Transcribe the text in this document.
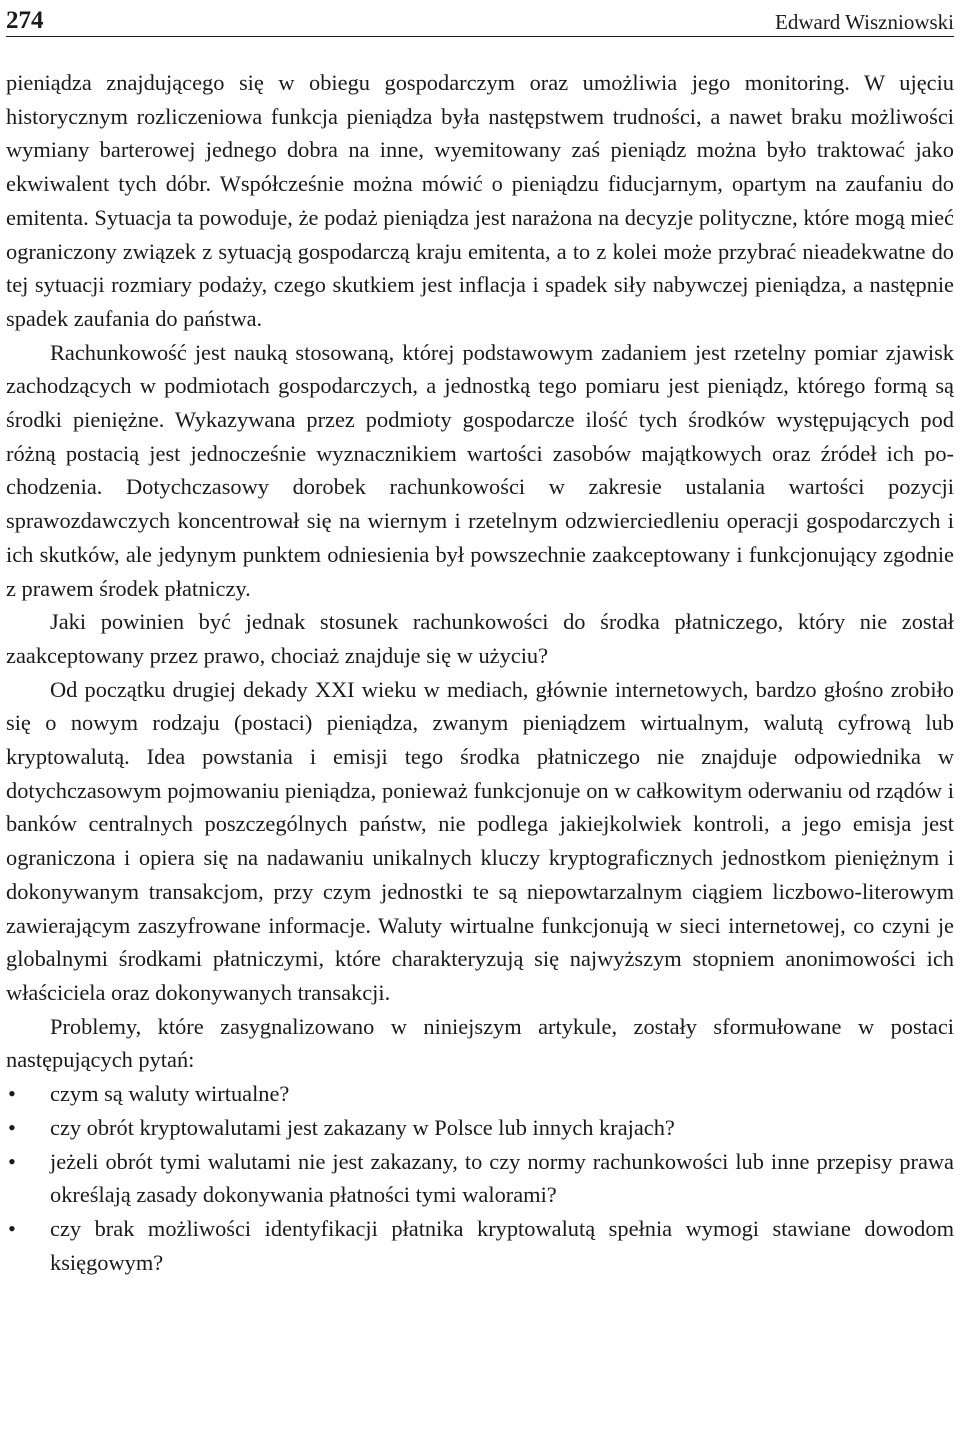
274	Edward Wiszniowski

pieniądza znajdującego się w obiegu gospodarczym oraz umożliwia jego monitoring. W ujęciu historycznym rozliczeniowa funkcja pieniądza była następstwem trudności, a nawet braku możliwości wymiany barterowej jednego dobra na inne, wyemitowany zaś pieniądz można było traktować jako ekwiwalent tych dóbr. Współcześnie można mówić o pieniądzu fiducjarnym, opartym na zaufaniu do emitenta. Sytuacja ta powoduje, że podaż pieniądza jest narażona na decyzje polityczne, które mogą mieć ograniczony związek z sytuacją gospodarczą kraju emitenta, a to z kolei może przybrać nieadekwatne do tej sytuacji rozmiary podaży, czego skutkiem jest inflacja i spadek siły nabywczej pieniądza, a następnie spadek zaufania do państwa.

Rachunkowość jest nauką stosowaną, której podstawowym zadaniem jest rzetelny pomiar zjawisk zachodzących w podmiotach gospodarczych, a jednostką tego pomiaru jest pieniądz, którego formą są środki pieniężne. Wykazywana przez podmioty gospodarcze ilość tych środków występujących pod różną postacią jest jednocześnie wyznacznikiem wartości zasobów majątkowych oraz źródeł ich pochodzenia. Dotychczasowy dorobek rachunkowości w zakresie ustalania wartości pozycji sprawozdawczych koncentrował się na wiernym i rzetelnym odzwierciedleniu operacji gospodarczych i ich skutków, ale jedynym punktem odniesienia był powszechnie zaakceptowany i funkcjonujący zgodnie z prawem środek płatniczy.

Jaki powinien być jednak stosunek rachunkowości do środka płatniczego, który nie został zaakceptowany przez prawo, chociaż znajduje się w użyciu?

Od początku drugiej dekady XXI wieku w mediach, głównie internetowych, bardzo głośno zrobiło się o nowym rodzaju (postaci) pieniądza, zwanym pieniądzem wirtualnym, walutą cyfrową lub kryptowalutą. Idea powstania i emisji tego środka płatniczego nie znajduje odpowiednika w dotychczasowym pojmowaniu pieniądza, ponieważ funkcjonuje on w całkowitym oderwaniu od rządów i banków centralnych poszczególnych państw, nie podlega jakiejkolwiek kontroli, a jego emisja jest ograniczona i opiera się na nadawaniu unikalnych kluczy kryptograficznych jednostkom pieniężnym i dokonywanym transakcjom, przy czym jednostki te są niepowtarzalnym ciągiem liczbowo-literowym zawierającym zaszyfrowane informacje. Waluty wirtualne funkcjonują w sieci internetowej, co czyni je globalnymi środkami płatniczymi, które charakteryzują się najwyższym stopniem anonimowości ich właściciela oraz dokonywanych transakcji.

Problemy, które zasygnalizowano w niniejszym artykule, zostały sformułowane w postaci następujących pytań:

• czym są waluty wirtualne?
• czy obrót kryptowalutami jest zakazany w Polsce lub innych krajach?
• jeżeli obrót tymi walutami nie jest zakazany, to czy normy rachunkowości lub inne przepisy prawa określają zasady dokonywania płatności tymi walorami?
• czy brak możliwości identyfikacji płatnika kryptowalutą spełnia wymogi stawiane dowodom księgowym?
